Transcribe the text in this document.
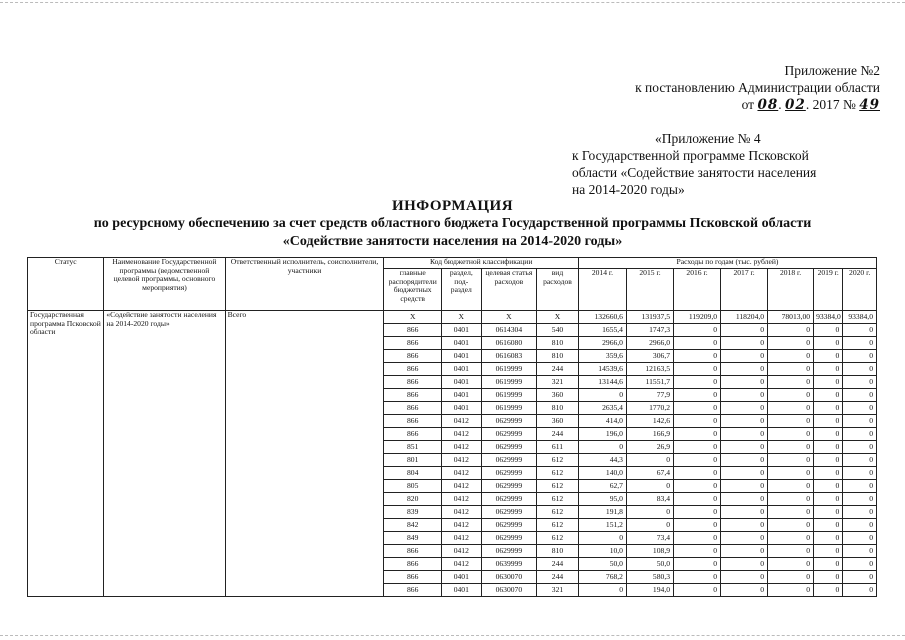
Приложение №2
к постановлению Администрации области
от 08. 02. 2017 № 49
«Приложение № 4
к Государственной программе Псковской
области «Содействие занятости населения
на 2014-2020 годы»
ИНФОРМАЦИЯ
по ресурсному обеспечению за счет средств областного бюджета Государственной программы Псковской области
«Содействие занятости населения на 2014-2020 годы»
Статус	Наименование Государственной программы (ведомственной целевой программы, основного мероприятия)	Ответственный исполнитель, соисполнители, участники	Код бюджетной классификации				Расходы по годам (тыс. рублей)						
			главные распорядители бюджетных средств	раздел, под-раздел	целевая статья расходов	вид расходов	2014 г.	2015 г.	2016 г.	2017 г.	2018 г.	2019 г.	2020 г.
Государственная программа Псковской области	«Содействие занятости населения на 2014-2020 годы»	Всего	X	X	X	X	132660,6	131937,5	119209,0	118204,0	78013,00	93384,0	93384,0
			866	0401	0614304	540	1655,4	1747,3	0	0	0	0	0
			866	0401	0616080	810	2966,0	2966,0	0	0	0	0	0
			866	0401	0616083	810	359,6	306,7	0	0	0	0	0
			866	0401	0619999	244	14539,6	12163,5	0	0	0	0	0
			866	0401	0619999	321	13144,6	11551,7	0	0	0	0	0
			866	0401	0619999	360	0	77,9	0	0	0	0	0
			866	0401	0619999	810	2635,4	1770,2	0	0	0	0	0
			866	0412	0629999	360	414,0	142,6	0	0	0	0	0
			866	0412	0629999	244	196,0	166,9	0	0	0	0	0
			851	0412	0629999	611	0	26,9	0	0	0	0	0
			801	0412	0629999	612	44,3	0	0	0	0	0	0
			804	0412	0629999	612	140,0	67,4	0	0	0	0	0
			805	0412	0629999	612	62,7	0	0	0	0	0	0
			820	0412	0629999	612	95,0	83,4	0	0	0	0	0
			839	0412	0629999	612	191,8	0	0	0	0	0	0
			842	0412	0629999	612	151,2	0	0	0	0	0	0
			849	0412	0629999	612	0	73,4	0	0	0	0	0
			866	0412	0629999	810	10,0	108,9	0	0	0	0	0
			866	0412	0639999	244	50,0	50,0	0	0	0	0	0
			866	0401	0630070	244	768,2	580,3	0	0	0	0	0
			866	0401	0630070	321	0	194,0	0	0	0	0	0
